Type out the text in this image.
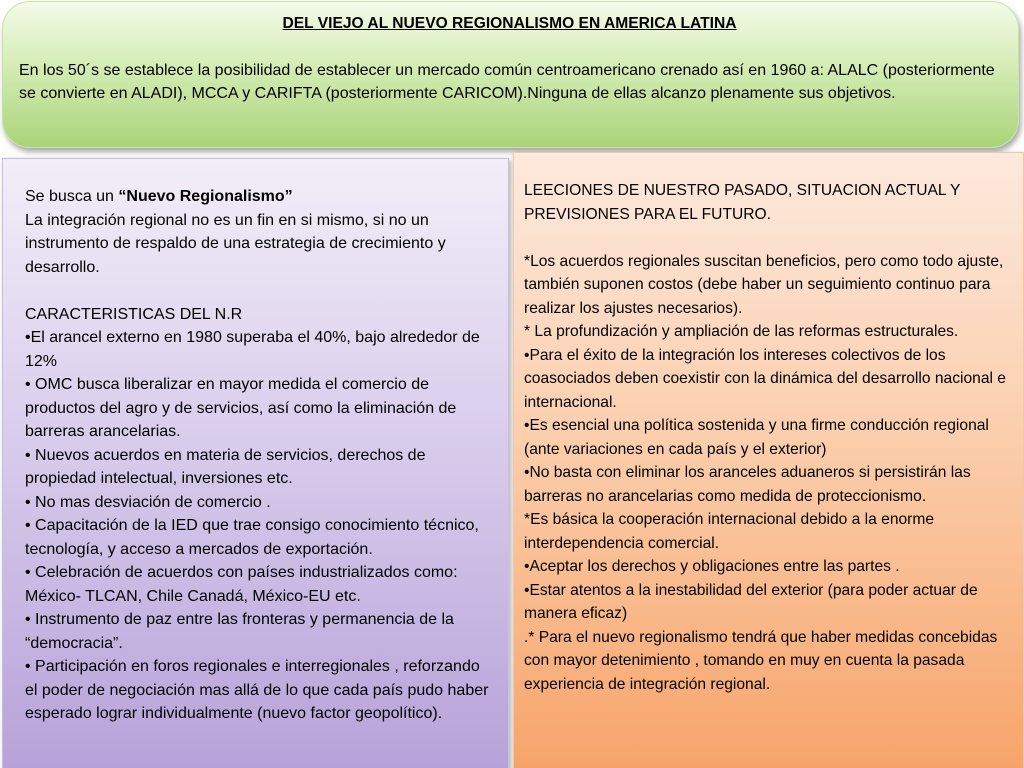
DEL VIEJO AL NUEVO REGIONALISMO EN AMERICA LATINA

En los 50´s se establece la posibilidad de establecer un mercado común centroamericano crenado así en 1960 a: ALALC (posteriormente se convierte en ALADI), MCCA y CARIFTA (posteriormente CARICOM).Ninguna de ellas alcanzo plenamente sus objetivos.

Se busca un “Nuevo Regionalismo”
La integración regional no es un fin en si mismo, si no un instrumento de respaldo de una estrategia de crecimiento y desarrollo.
CARACTERISTICAS DEL N.R
•El arancel externo en 1980 superaba el 40%, bajo alrededor de 12%
• OMC busca liberalizar en mayor medida el comercio de productos del agro y de servicios, así como la eliminación de barreras arancelarias.
• Nuevos acuerdos en materia de servicios, derechos de propiedad intelectual, inversiones etc.
• No mas desviación de comercio .
• Capacitación de la IED que trae consigo conocimiento técnico, tecnología, y acceso a mercados de exportación.
• Celebración de acuerdos con países industrializados como: México- TLCAN, Chile Canadá, México-EU etc.
• Instrumento de paz entre las fronteras y permanencia de la “democracia”.
• Participación en foros regionales e interregionales , reforzando el poder de negociación mas allá de lo que cada país pudo haber esperado lograr individualmente (nuevo factor geopolítico).
LEECIONES DE NUESTRO PASADO, SITUACION ACTUAL Y PREVISIONES PARA EL FUTURO.
*Los acuerdos regionales suscitan beneficios, pero como todo ajuste, también suponen costos (debe haber un seguimiento continuo para realizar los ajustes necesarios).
* La profundización y ampliación de las reformas estructurales.
•Para el éxito de la integración los intereses colectivos de los coasociados deben coexistir con la dinámica del desarrollo nacional e internacional.
•Es esencial una política sostenida y una firme conducción regional (ante variaciones en cada país y el exterior)
•No basta con eliminar los aranceles aduaneros si persistirán las barreras no arancelarias como medida de proteccionismo.
*Es básica la cooperación internacional debido a la enorme interdependencia comercial.
•Aceptar los derechos y obligaciones entre las partes .
•Estar atentos a la inestabilidad del exterior (para poder actuar de manera eficaz)
.* Para el nuevo regionalismo tendrá que haber medidas concebidas con mayor detenimiento , tomando en muy en cuenta la pasada experiencia de integración regional.
